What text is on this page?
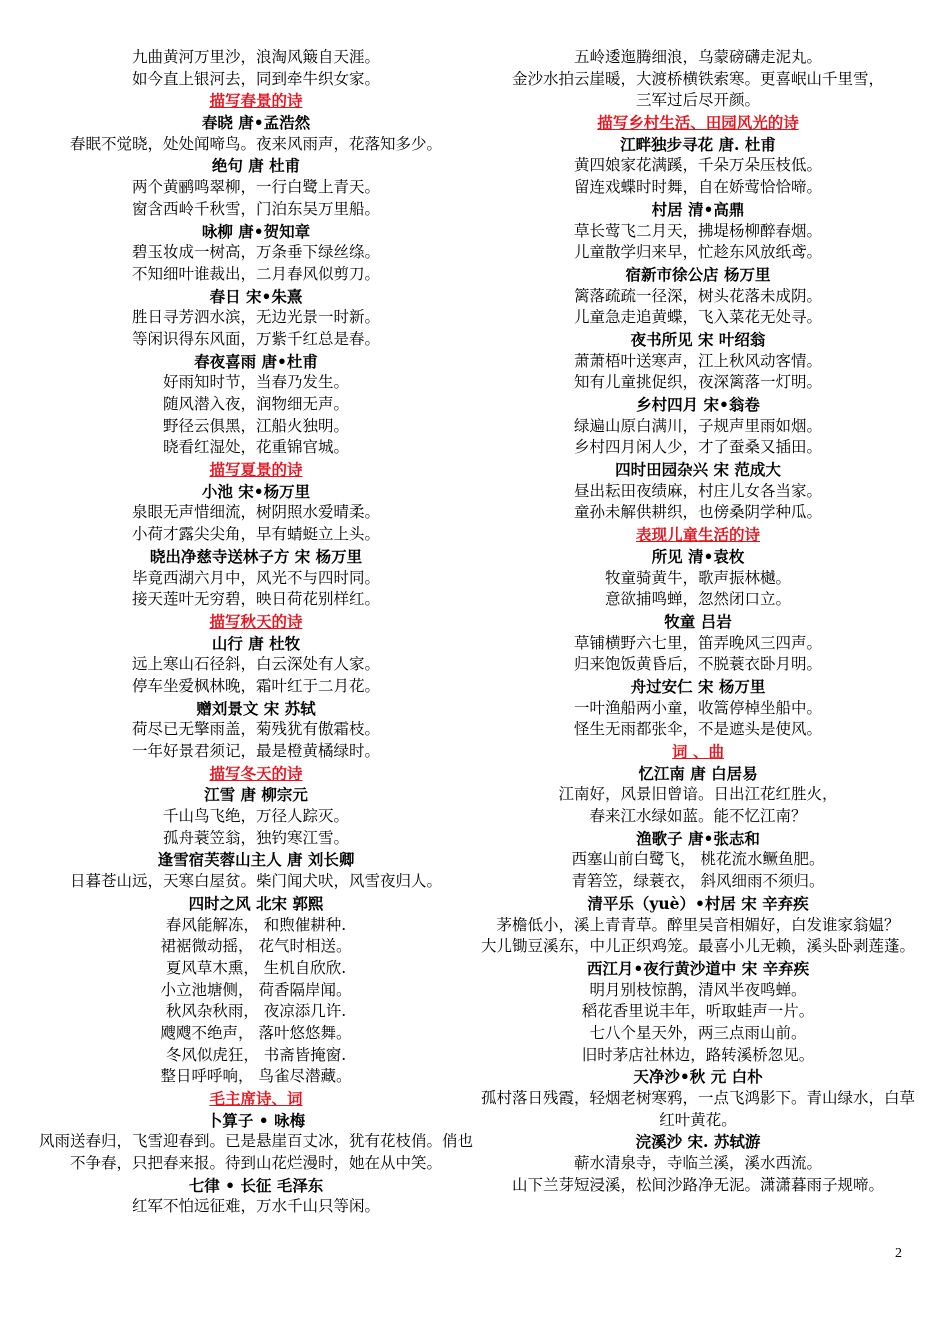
九曲黄河万里沙，浪淘风簸自天涯。
如今直上银河去，同到牵牛织女家。
描写春景的诗
春晓 唐•孟浩然
春眠不觉晓，处处闻啼鸟。夜来风雨声，花落知多少。
绝句 唐 杜甫
两个黄鹂鸣翠柳，一行白鹭上青天。
窗含西岭千秋雪，门泊东吴万里船。
咏柳 唐•贺知章
碧玉妆成一树高，万条垂下绿丝绦。
不知细叶谁裁出，二月春风似剪刀。
春日 宋•朱熹
胜日寻芳泗水滨，无边光景一时新。
等闲识得东风面，万紫千红总是春。
春夜喜雨 唐•杜甫
好雨知时节，当春乃发生。
随风潜入夜，润物细无声。
野径云俱黑，江船火独明。
晓看红湿处，花重锦官城。
描写夏景的诗
小池 宋•杨万里
泉眼无声惜细流，树阴照水爱晴柔。
小荷才露尖尖角，早有蜻蜓立上头。
晓出净慈寺送林子方 宋 杨万里
毕竟西湖六月中，风光不与四时同。
接天莲叶无穷碧，映日荷花别样红。
描写秋天的诗
山行 唐 杜牧
远上寒山石径斜，白云深处有人家。
停车坐爱枫林晚，霜叶红于二月花。
赠刘景文 宋 苏轼
荷尽已无擎雨盖，菊残犹有傲霜枝。
一年好景君须记，最是橙黄橘绿时。
描写冬天的诗
江雪 唐 柳宗元
千山鸟飞绝，万径人踪灭。
孤舟蓑笠翁，独钓寒江雪。
逢雪宿芙蓉山主人 唐 刘长卿
日暮苍山远，天寒白屋贫。柴门闻犬吠，风雪夜归人。
四时之风 北宋 郭熙
春风能解冻， 和煦催耕种.
裙裾微动摇， 花气时相送。
夏风草木熏， 生机自欣欣.
小立池塘侧， 荷香隔岸闻。
秋风杂秋雨， 夜凉添几许.
飕飕不绝声， 落叶悠悠舞。
冬风似虎狂， 书斋皆掩窗.
整日呼呼响， 鸟雀尽潜藏。
毛主席诗、词
卜算子 • 咏梅
风雨送春归，飞雪迎春到。已是悬崖百丈冰，犹有花枝俏。俏也不争春，只把春来报。待到山花烂漫时，她在从中笑。
七律 • 长征 毛泽东
红军不怕远征难，万水千山只等闲。
五岭逶迤腾细浪，乌蒙磅礴走泥丸。
金沙水拍云崖暖，大渡桥横铁索寒。更喜岷山千里雪，
三军过后尽开颜。
描写乡村生活、田园风光的诗
江畔独步寻花 唐. 杜甫
黄四娘家花满蹊，千朵万朵压枝低。
留连戏蝶时时舞，自在娇莺恰恰啼。
村居 清•高鼎
草长莺飞二月天，拂堤杨柳醉春烟。
儿童散学归来早，忙趁东风放纸鸢。
宿新市徐公店 杨万里
篱落疏疏一径深，树头花落未成阴。
儿童急走追黄蝶，飞入菜花无处寻。
夜书所见 宋 叶绍翁
萧萧梧叶送寒声，江上秋风动客情。
知有儿童挑促织，夜深篱落一灯明。
乡村四月 宋•翁卷
绿遍山原白满川，子规声里雨如烟。
乡村四月闲人少，才了蚕桑又插田。
四时田园杂兴 宋 范成大
昼出耘田夜绩麻，村庄儿女各当家。
童孙未解供耕织，也傍桑阴学种瓜。
表现儿童生活的诗
所见 清•袁枚
牧童骑黄牛，歌声振林樾。
意欲捕鸣蝉，忽然闭口立。
牧童 吕岩
草铺横野六七里，笛弄晚风三四声。
归来饱饭黄昏后，不脱蓑衣卧月明。
舟过安仁 宋 杨万里
一叶渔船两小童，收篙停棹坐船中。
怪生无雨都张伞，不是遮头是使风。
词 、曲
忆江南 唐 白居易
江南好，风景旧曾谙。日出江花红胜火，
春来江水绿如蓝。能不忆江南？
渔歌子 唐•张志和
西塞山前白鹭飞， 桃花流水鳜鱼肥。
青箬笠，绿蓑衣， 斜风细雨不须归。
清平乐（yuè）•村居 宋 辛弃疾
茅檐低小，溪上青青草。醉里吴音相媚好，白发谁家翁媪？
大儿锄豆溪东，中儿正织鸡笼。最喜小儿无赖，溪头卧剥莲蓬。
西江月•夜行黄沙道中 宋 辛弃疾
明月别枝惊鹊，清风半夜鸣蝉。
稻花香里说丰年，听取蛙声一片。
七八个星天外，两三点雨山前。
旧时茅店社林边，路转溪桥忽见。
天净沙•秋 元 白朴
孤村落日残霞，轻烟老树寒鸦，一点飞鸿影下。青山绿水，白草红叶黄花。
浣溪沙 宋. 苏轼游
蕲水清泉寺，寺临兰溪，溪水西流。
山下兰芽短浸溪，松间沙路净无泥。潇潇暮雨子规啼。
2
